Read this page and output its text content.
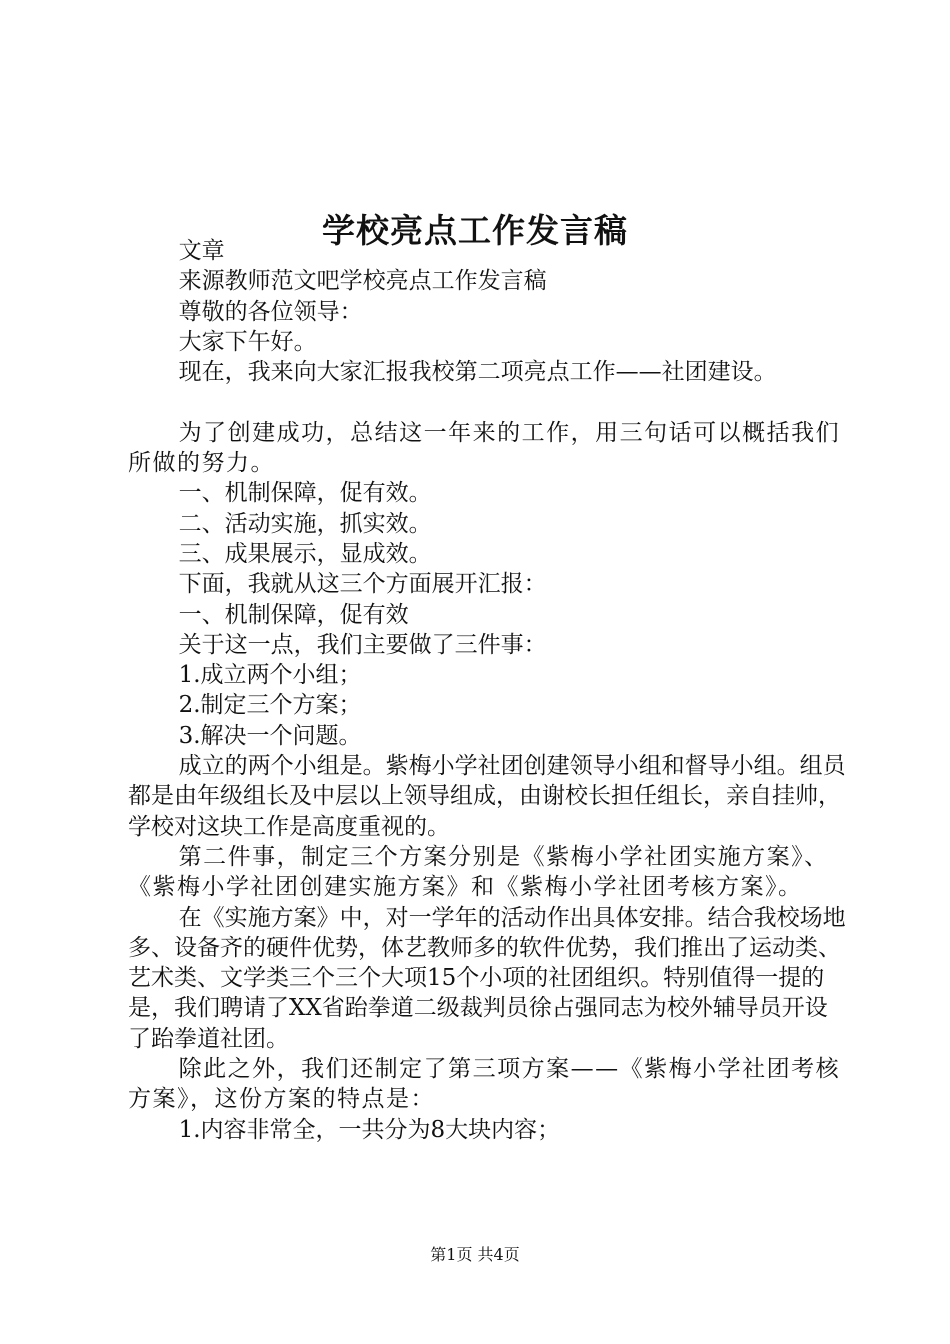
学校亮点工作发言稿

文章

来源教师范文吧学校亮点工作发言稿

尊敬的各位领导：

大家下午好。

现在，我来向大家汇报我校第二项亮点工作——社团建设。

为了创建成功，总结这一年来的工作，用三句话可以概括我们所做的努力。

一、机制保障，促有效。

二、活动实施，抓实效。

三、成果展示，显成效。

下面，我就从这三个方面展开汇报：

一、机制保障，促有效

关于这一点，我们主要做了三件事：

1.成立两个小组；

2.制定三个方案；

3.解决一个问题。

成立的两个小组是。紫梅小学社团创建领导小组和督导小组。组员都是由年级组长及中层以上领导组成，由谢校长担任组长，亲自挂帅，学校对这块工作是高度重视的。

第二件事，制定三个方案分别是《紫梅小学社团实施方案》、《紫梅小学社团创建实施方案》和《紫梅小学社团考核方案》。

在《实施方案》中，对一学年的活动作出具体安排。结合我校场地多、设备齐的硬件优势，体艺教师多的软件优势，我们推出了运动类、艺术类、文学类三个三个大项15个小项的社团组织。特别值得一提的是，我们聘请了XX省跆拳道二级裁判员徐占强同志为校外辅导员开设了跆拳道社团。

除此之外，我们还制定了第三项方案——《紫梅小学社团考核方案》，这份方案的特点是：

1.内容非常全，一共分为8大块内容；

第1页 共4页
